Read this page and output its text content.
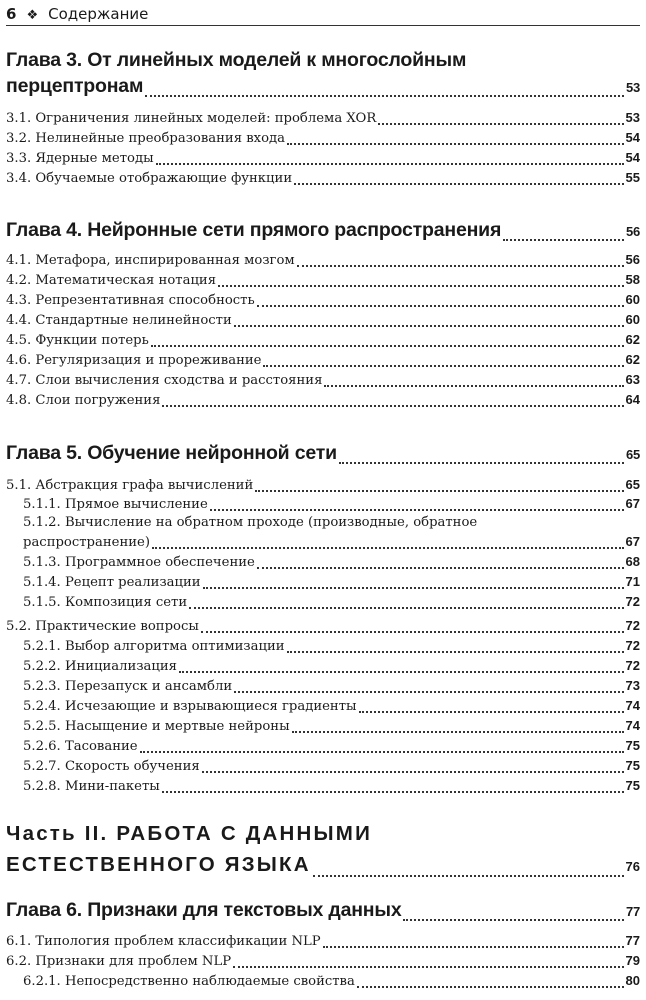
6 ❖ Содержание
Глава 3. От линейных моделей к многослойным
перцептронам	53
3.1. Ограничения линейных моделей: проблема XOR	53
3.2. Нелинейные преобразования входа	54
3.3. Ядерные методы	54
3.4. Обучаемые отображающие функции	55
Глава 4. Нейронные сети прямого распространения	56
4.1. Метафора, инспирированная мозгом	56
4.2. Математическая нотация	58
4.3. Репрезентативная способность	60
4.4. Стандартные нелинейности	60
4.5. Функции потерь	62
4.6. Регуляризация и прореживание	62
4.7. Слои вычисления сходства и расстояния	63
4.8. Слои погружения	64
Глава 5. Обучение нейронной сети	65
5.1. Абстракция графа вычислений	65
5.1.1. Прямое вычисление	67
5.1.2. Вычисление на обратном проходе (производные, обратное
распространение)	67
5.1.3. Программное обеспечение	68
5.1.4. Рецепт реализации	71
5.1.5. Композиция сети	72
5.2. Практические вопросы	72
5.2.1. Выбор алгоритма оптимизации	72
5.2.2. Инициализация	72
5.2.3. Перезапуск и ансамбли	73
5.2.4. Исчезающие и взрывающиеся градиенты	74
5.2.5. Насыщение и мертвые нейроны	74
5.2.6. Тасование	75
5.2.7. Скорость обучения	75
5.2.8. Мини-пакеты	75
Часть II. РАБОТА С ДАННЫМИ
ЕСТЕСТВЕННОГО ЯЗЫКА	76
Глава 6. Признаки для текстовых данных	77
6.1. Типология проблем классификации NLP	77
6.2. Признаки для проблем NLP	79
6.2.1. Непосредственно наблюдаемые свойства	80
